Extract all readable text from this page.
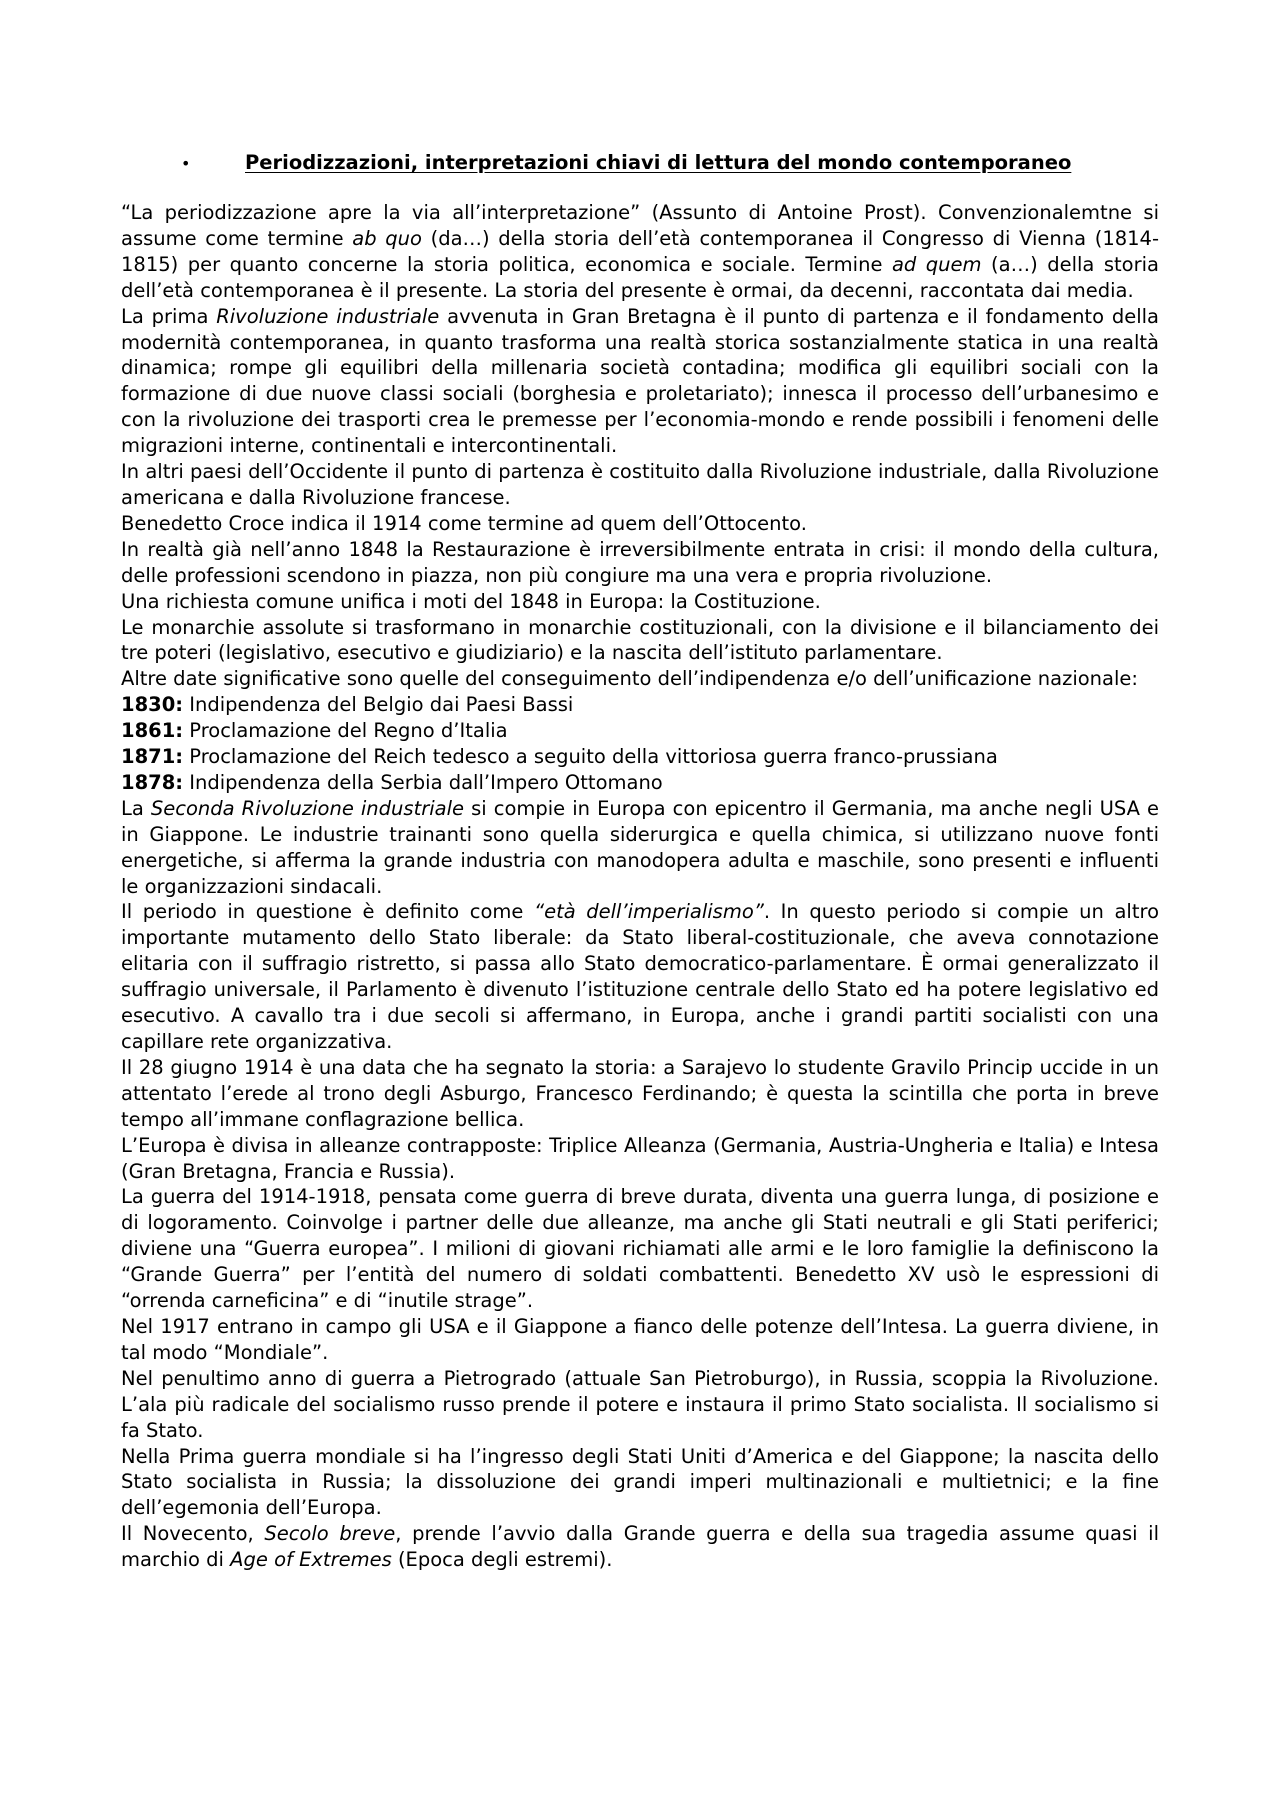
•	Periodizzazioni, interpretazioni chiavi di lettura del mondo contemporaneo

“La periodizzazione apre la via all’interpretazione” (Assunto di Antoine Prost). Convenzionalemtne si assume come termine ab quo (da…) della storia dell’età contemporanea il Congresso di Vienna (1814-1815) per quanto concerne la storia politica, economica e sociale. Termine ad quem (a…) della storia dell’età contemporanea è il presente. La storia del presente è ormai, da decenni, raccontata dai media.

La prima Rivoluzione industriale avvenuta in Gran Bretagna è il punto di partenza e il fondamento della modernità contemporanea, in quanto trasforma una realtà storica sostanzialmente statica in una realtà dinamica; rompe gli equilibri della millenaria società contadina; modifica gli equilibri sociali con la formazione di due nuove classi sociali (borghesia e proletariato); innesca il processo dell’urbanesimo e con la rivoluzione dei trasporti crea le premesse per l’economia-mondo e rende possibili i fenomeni delle migrazioni interne, continentali e intercontinentali.

In altri paesi dell’Occidente il punto di partenza è costituito dalla Rivoluzione industriale, dalla Rivoluzione americana e dalla Rivoluzione francese.

Benedetto Croce indica il 1914 come termine ad quem dell’Ottocento.

In realtà già nell’anno 1848 la Restaurazione è irreversibilmente entrata in crisi: il mondo della cultura, delle professioni scendono in piazza, non più congiure ma una vera e propria rivoluzione.

Una richiesta comune unifica i moti del 1848 in Europa: la Costituzione.

Le monarchie assolute si trasformano in monarchie costituzionali, con la divisione e il bilanciamento dei tre poteri (legislativo, esecutivo e giudiziario) e la nascita dell’istituto parlamentare.

Altre date significative sono quelle del conseguimento dell’indipendenza e/o dell’unificazione nazionale:

1830: Indipendenza del Belgio dai Paesi Bassi

1861: Proclamazione del Regno d’Italia

1871: Proclamazione del Reich tedesco a seguito della vittoriosa guerra franco-prussiana

1878: Indipendenza della Serbia dall’Impero Ottomano

La Seconda Rivoluzione industriale si compie in Europa con epicentro il Germania, ma anche negli USA e in Giappone. Le industrie trainanti sono quella siderurgica e quella chimica, si utilizzano nuove fonti energetiche, si afferma la grande industria con manodopera adulta e maschile, sono presenti e influenti le organizzazioni sindacali.

Il periodo in questione è definito come “età dell’imperialismo”. In questo periodo si compie un altro importante mutamento dello Stato liberale: da Stato liberal-costituzionale, che aveva connotazione elitaria con il suffragio ristretto, si passa allo Stato democratico-parlamentare. È ormai generalizzato il suffragio universale, il Parlamento è divenuto l’istituzione centrale dello Stato ed ha potere legislativo ed esecutivo. A cavallo tra i due secoli si affermano, in Europa, anche i grandi partiti socialisti con una capillare rete organizzativa.

Il 28 giugno 1914 è una data che ha segnato la storia: a Sarajevo lo studente Gravilo Princip uccide in un attentato l’erede al trono degli Asburgo, Francesco Ferdinando; è questa la scintilla che porta in breve tempo all’immane conflagrazione bellica.

L’Europa è divisa in alleanze contrapposte: Triplice Alleanza (Germania, Austria-Ungheria e Italia) e Intesa (Gran Bretagna, Francia e Russia).

La guerra del 1914-1918, pensata come guerra di breve durata, diventa una guerra lunga, di posizione e di logoramento. Coinvolge i partner delle due alleanze, ma anche gli Stati neutrali e gli Stati periferici; diviene una “Guerra europea”. I milioni di giovani richiamati alle armi e le loro famiglie la definiscono la “Grande Guerra” per l’entità del numero di soldati combattenti. Benedetto XV usò le espressioni di “orrenda carneficina” e di “inutile strage”.

Nel 1917 entrano in campo gli USA e il Giappone a fianco delle potenze dell’Intesa. La guerra diviene, in tal modo “Mondiale”.

Nel penultimo anno di guerra a Pietrogrado (attuale San Pietroburgo), in Russia, scoppia la Rivoluzione. L’ala più radicale del socialismo russo prende il potere e instaura il primo Stato socialista. Il socialismo si fa Stato.

Nella Prima guerra mondiale si ha l’ingresso degli Stati Uniti d’America e del Giappone; la nascita dello Stato socialista in Russia; la dissoluzione dei grandi imperi multinazionali e multietnici; e la fine dell’egemonia dell’Europa.

Il Novecento, Secolo breve, prende l’avvio dalla Grande guerra e della sua tragedia assume quasi il marchio di Age of Extremes (Epoca degli estremi).
